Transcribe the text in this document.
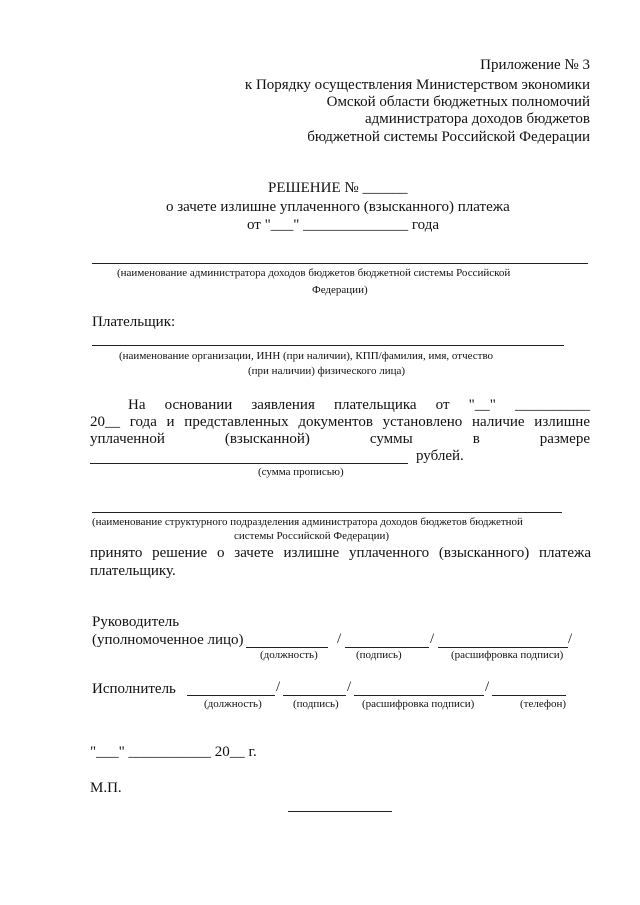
Приложение № 3
к Порядку осуществления Министерством экономики
Омской области бюджетных полномочий
администратора доходов бюджетов
бюджетной системы Российской Федерации
РЕШЕНИЕ № ______
о зачете излишне уплаченного (взысканного) платежа
от "___" ______________ года
(наименование администратора доходов бюджетов бюджетной системы Российской
Федерации)
Плательщик:
(наименование организации, ИНН (при наличии), КПП/фамилия, имя, отчество
(при наличии) физического лица)
На основании заявления плательщика от "__" __________
20__ года и представленных документов установлено наличие излишне
уплаченной (взысканной) суммы в размере
рублей.
(сумма прописью)
(наименование структурного подразделения администратора доходов бюджетов бюджетной
системы Российской Федерации)
принято решение о зачете излишне уплаченного (взысканного) платежа
плательщику.
Руководитель
(уполномоченное лицо)	/	/	/
(должность)	(подпись)	(расшифровка подписи)
Исполнитель	/	/	/
(должность)	(подпись) (расшифровка подписи)	(телефон)
"___" ___________ 20__ г.
М.П.
